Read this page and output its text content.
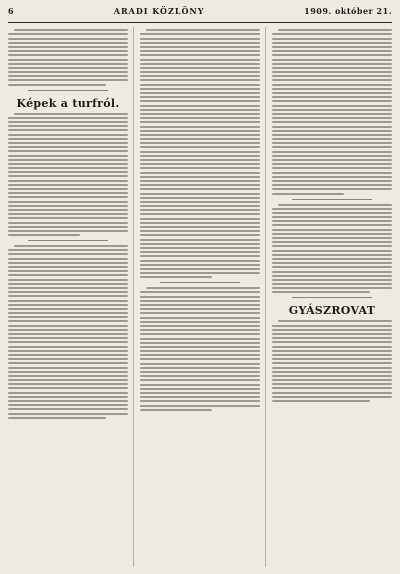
6	ARADI KÖZLÖNY	1909. október 21.
Képek a turfról.
GYÁSZROVAT
